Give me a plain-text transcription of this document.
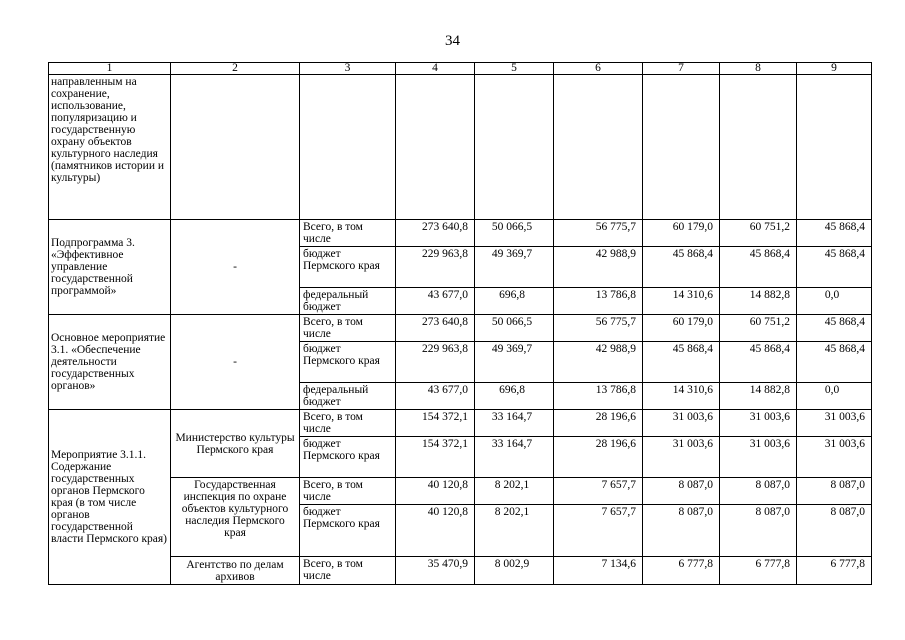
34
1	2	3	4	5	6	7	8	9
направленным на сохранение, использование, популяризацию и государственную охрану объектов культурного наследия (памятников истории и культуры)								
Подпрограмма 3. «Эффективное управление государственной программой»	-	Всего, в том числе	273 640,8	50 066,5	56 775,7	60 179,0	60 751,2	45 868,4
		бюджет Пермского края	229 963,8	49 369,7	42 988,9	45 868,4	45 868,4	45 868,4
		федеральный бюджет	43 677,0	696,8	13 786,8	14 310,6	14 882,8	0,0
Основное мероприятие 3.1. «Обеспечение деятельности государственных органов»	-	Всего, в том числе	273 640,8	50 066,5	56 775,7	60 179,0	60 751,2	45 868,4
		бюджет Пермского края	229 963,8	49 369,7	42 988,9	45 868,4	45 868,4	45 868,4
		федеральный бюджет	43 677,0	696,8	13 786,8	14 310,6	14 882,8	0,0
Мероприятие 3.1.1. Содержание государственных органов Пермского края (в том числе органов государственной власти Пермского края)	Министерство культуры Пермского края	Всего, в том числе	154 372,1	33 164,7	28 196,6	31 003,6	31 003,6	31 003,6
		бюджет Пермского края	154 372,1	33 164,7	28 196,6	31 003,6	31 003,6	31 003,6
	Государственная инспекция по охране объектов культурного наследия Пермского края	Всего, в том числе	40 120,8	8 202,1	7 657,7	8 087,0	8 087,0	8 087,0
		бюджет Пермского края	40 120,8	8 202,1	7 657,7	8 087,0	8 087,0	8 087,0
	Агентство по делам архивов	Всего, в том числе	35 470,9	8 002,9	7 134,6	6 777,8	6 777,8	6 777,8
